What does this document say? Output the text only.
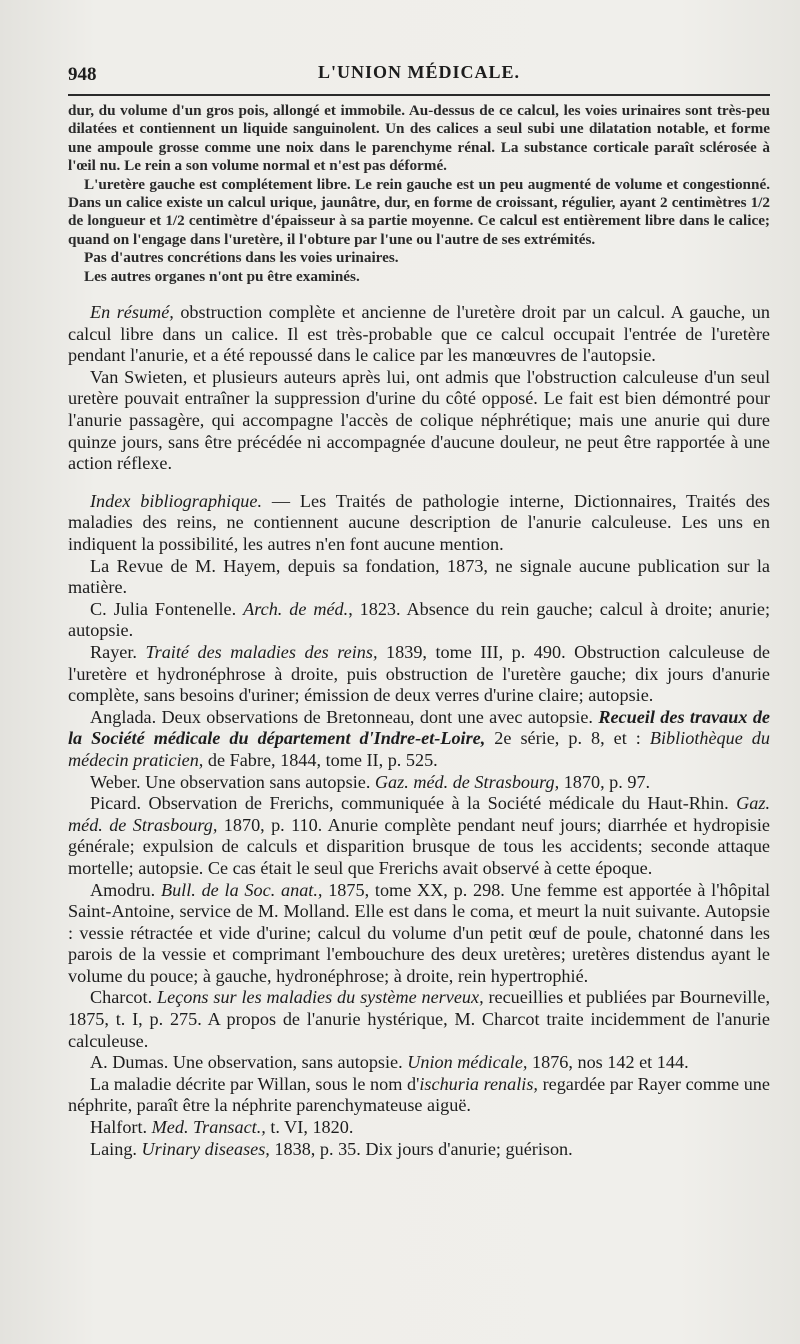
948	L'UNION MÉDICALE.

dur, du volume d'un gros pois, allongé et immobile. Au-dessus de ce calcul, les voies urinaires sont très-peu dilatées et contiennent un liquide sanguinolent. Un des calices a seul subi une dilatation notable, et forme une ampoule grosse comme une noix dans le parenchyme rénal. La substance corticale paraît sclérosée à l'œil nu. Le rein a son volume normal et n'est pas déformé.

L'uretère gauche est complétement libre. Le rein gauche est un peu augmenté de volume et congestionné. Dans un calice existe un calcul urique, jaunâtre, dur, en forme de croissant, régulier, ayant 2 centimètres 1/2 de longueur et 1/2 centimètre d'épaisseur à sa partie moyenne. Ce calcul est entièrement libre dans le calice; quand on l'engage dans l'uretère, il l'obture par l'une ou l'autre de ses extrémités.

Pas d'autres concrétions dans les voies urinaires.

Les autres organes n'ont pu être examinés.

En résumé, obstruction complète et ancienne de l'uretère droit par un calcul. A gauche, un calcul libre dans un calice. Il est très-probable que ce calcul occupait l'entrée de l'uretère pendant l'anurie, et a été repoussé dans le calice par les manœuvres de l'autopsie.

Van Swieten, et plusieurs auteurs après lui, ont admis que l'obstruction calculeuse d'un seul uretère pouvait entraîner la suppression d'urine du côté opposé. Le fait est bien démontré pour l'anurie passagère, qui accompagne l'accès de colique néphrétique; mais une anurie qui dure quinze jours, sans être précédée ni accompagnée d'aucune douleur, ne peut être rapportée à une action réflexe.

Index bibliographique. — Les Traités de pathologie interne, Dictionnaires, Traités des maladies des reins, ne contiennent aucune description de l'anurie calculeuse. Les uns en indiquent la possibilité, les autres n'en font aucune mention.

La Revue de M. Hayem, depuis sa fondation, 1873, ne signale aucune publication sur la matière.

C. Julia Fontenelle. Arch. de méd., 1823. Absence du rein gauche; calcul à droite; anurie; autopsie.

Rayer. Traité des maladies des reins, 1839, tome III, p. 490. Obstruction calculeuse de l'uretère et hydronéphrose à droite, puis obstruction de l'uretère gauche; dix jours d'anurie complète, sans besoins d'uriner; émission de deux verres d'urine claire; autopsie.

Anglada. Deux observations de Bretonneau, dont une avec autopsie. Recueil des travaux de la Société médicale du département d'Indre-et-Loire, 2e série, p. 8, et : Bibliothèque du médecin praticien, de Fabre, 1844, tome II, p. 525.

Weber. Une observation sans autopsie. Gaz. méd. de Strasbourg, 1870, p. 97.

Picard. Observation de Frerichs, communiquée à la Société médicale du Haut-Rhin. Gaz. méd. de Strasbourg, 1870, p. 110. Anurie complète pendant neuf jours; diarrhée et hydropisie générale; expulsion de calculs et disparition brusque de tous les accidents; seconde attaque mortelle; autopsie. Ce cas était le seul que Frerichs avait observé à cette époque.

Amodru. Bull. de la Soc. anat., 1875, tome XX, p. 298. Une femme est apportée à l'hôpital Saint-Antoine, service de M. Molland. Elle est dans le coma, et meurt la nuit suivante. Autopsie : vessie rétractée et vide d'urine; calcul du volume d'un petit œuf de poule, chatonné dans les parois de la vessie et comprimant l'embouchure des deux uretères; uretères distendus ayant le volume du pouce; à gauche, hydronéphrose; à droite, rein hypertrophié.

Charcot. Leçons sur les maladies du système nerveux, recueillies et publiées par Bourneville, 1875, t. I, p. 275. A propos de l'anurie hystérique, M. Charcot traite incidemment de l'anurie calculeuse.

A. Dumas. Une observation, sans autopsie. Union médicale, 1876, nos 142 et 144.

La maladie décrite par Willan, sous le nom d'ischuria renalis, regardée par Rayer comme une néphrite, paraît être la néphrite parenchymateuse aiguë.

Halfort. Med. Transact., t. VI, 1820.

Laing. Urinary diseases, 1838, p. 35. Dix jours d'anurie; guérison.
